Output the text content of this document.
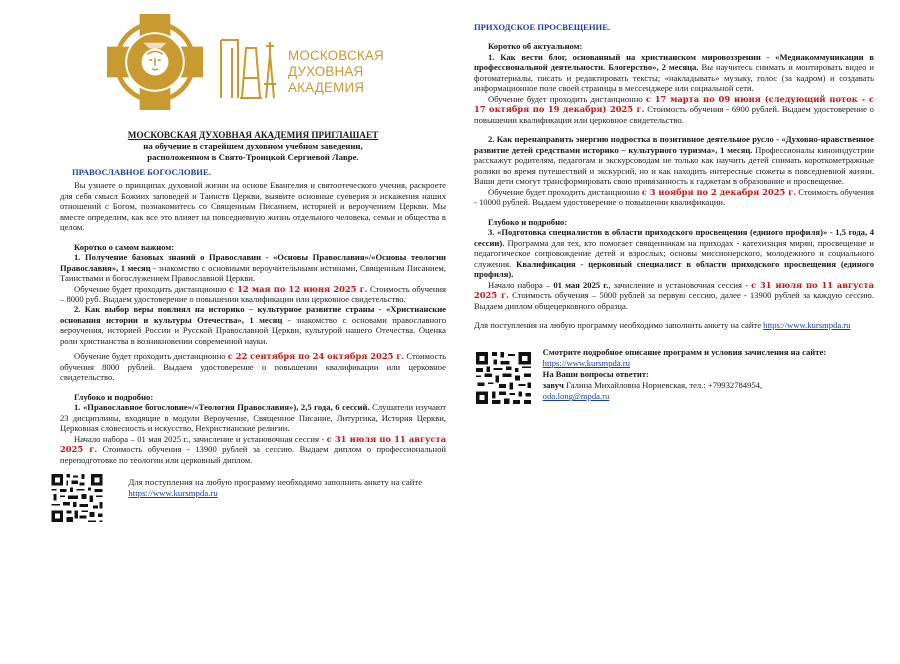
МОСКОВСКАЯ
ДУХОВНАЯ
АКАДЕМИЯ
МОСКОВСКАЯ ДУХОВНАЯ АКАДЕМИЯ ПРИГЛАШАЕТ
на обучение в старейшем духовном учебном заведении,
расположенном в Свято-Троицкой Сергиевой Лавре.
ПРАВОСЛАВНОЕ БОГОСЛОВИЕ.

Вы узнаете о принципах духовной жизни на основе Евангелия и святоотеческого учения, раскроете для себя смысл Божиих заповедей и Таинств Церкви, выявите основные суеверия и искажения наших отношений с Богом, познакомитесь со Священным Писанием, историей и вероучением Церкви. Мы вместе определим, как все это влияет на повседневную жизнь отдельного человека, семьи и общества в целом.

Коротко о самом важном:

1. Получение базовых знаний о Православии - «Основы Православия»/«Основы теологии Православия», 1 месяц - знакомство с основными вероучительными истинами, Священным Писанием, Таинствами и богослужением Православной Церкви.

Обучение будет проходить дистанционно с 12 мая по 12 июня 2025 г. Стоимость обучения – 8000 руб. Выдаем удостоверение о повышении квалификации или церковное свидетельство.

2. Как выбор веры повлиял на историко – культурное развитие страны - «Христианские основания истории и культуры Отечества», 1 месяц - знакомство с основами православного вероучения, историей России и Русской Православной Церкви, культурой нашего Отечества. Оценка роли христианства в возникновении современной науки.

Обучение будет проходить дистанционно с 22 сентября по 24 октября 2025 г. Стоимость обучения 8000 рублей. Выдаем удостоверение о повышении квалификации или церковное свидетельство.

Глубоко и подробно:

1. «Православное богословие»/«Теология Православия»), 2,5 года, 6 сессий. Слушатели изучают 23 дисциплины, входящие в модули Вероучение, Священное Писание, Литургика, История Церкви, Церковная словесность и искусство, Нехристианские религии.

Начало набора – 01 мая 2025 г., зачисление и установочная сессия - с 31 июля по 11 августа 2025 г. Стоимость обучения - 13900 рублей за сессию. Выдаем диплом о профессиональной переподготовке по теологии или церковный диплом.

Для поступления на любую программу необходимо заполнить анкету на сайте https://www.kursmpda.ru
ПРИХОДСКОЕ ПРОСВЕЩЕНИЕ.

Коротко об актуальном:

1. Как вести блог, основанный на христианском мировоззрении - «Медиакоммуникации в профессиональной деятельности. Блогерство», 2 месяца. Вы научитесь снимать и монтировать видео и фотоматериалы, писать и редактировать тексты; «накладывать» музыку, голос (за кадром) и создавать информационное поле своей страницы в мессенджере или социальной сети.

Обучение будет проходить дистанционно с 17 марта по 09 июня (следующий поток - с 17 октября по 19 декабря) 2025 г. Стоимость обучения - 6900 рублей. Выдаем удостоверение о повышении квалификации или церковное свидетельство.

2. Как перенаправить энергию подростка в позитивное деятельное русло - «Духовно-нравственное развитие детей средствами историко – культурного туризма», 1 месяц. Профессионалы киноиндустрии расскажут родителям, педагогам и экскурсоводам не только как научить детей снимать короткометражные ролики во время путешествий и экскурсий, но и как находить интересные сюжеты в повседневной жизни. Ваши дети смогут трансформировать свою привязанность к гаджетам в образование и просвещение.

Обучение будет проходить дистанционно с 3 ноября по 2 декабря 2025 г. Стоимость обучения - 10000 рублей. Выдаем удостоверение о повышении квалификации.

Глубоко и подробно:

3. «Подготовка специалистов в области приходского просвещения (единого профиля)» - 1,5 года, 4 сессии). Программа для тех, кто помогает священникам на приходах - катехизация мирян, просвещение и педагогическое сопровождение детей и взрослых; основы миссионерского, молодежного и социального служения. Квалификация - церковный специалист в области приходского просвещения (единого профиля).

Начало набора – 01 мая 2025 г., зачисление и установочная сессия - с 31 июля по 11 августа 2025 г. Стоимость обучения – 5000 рублей за первую сессию, далее - 13900 рублей за каждую сессию. Выдаем диплом общецерковного образца.

Для поступления на любую программу необходимо заполнить анкету на сайте https://www.kursmpda.ru

Смотрите подробное описание программ и условия зачисления на сайте: https://www.kursmpda.ru
На Ваши вопросы ответит:
завуч Галина Михайловна Нориевская, тел.: +79932784954,
odo.long@mpda.ru
